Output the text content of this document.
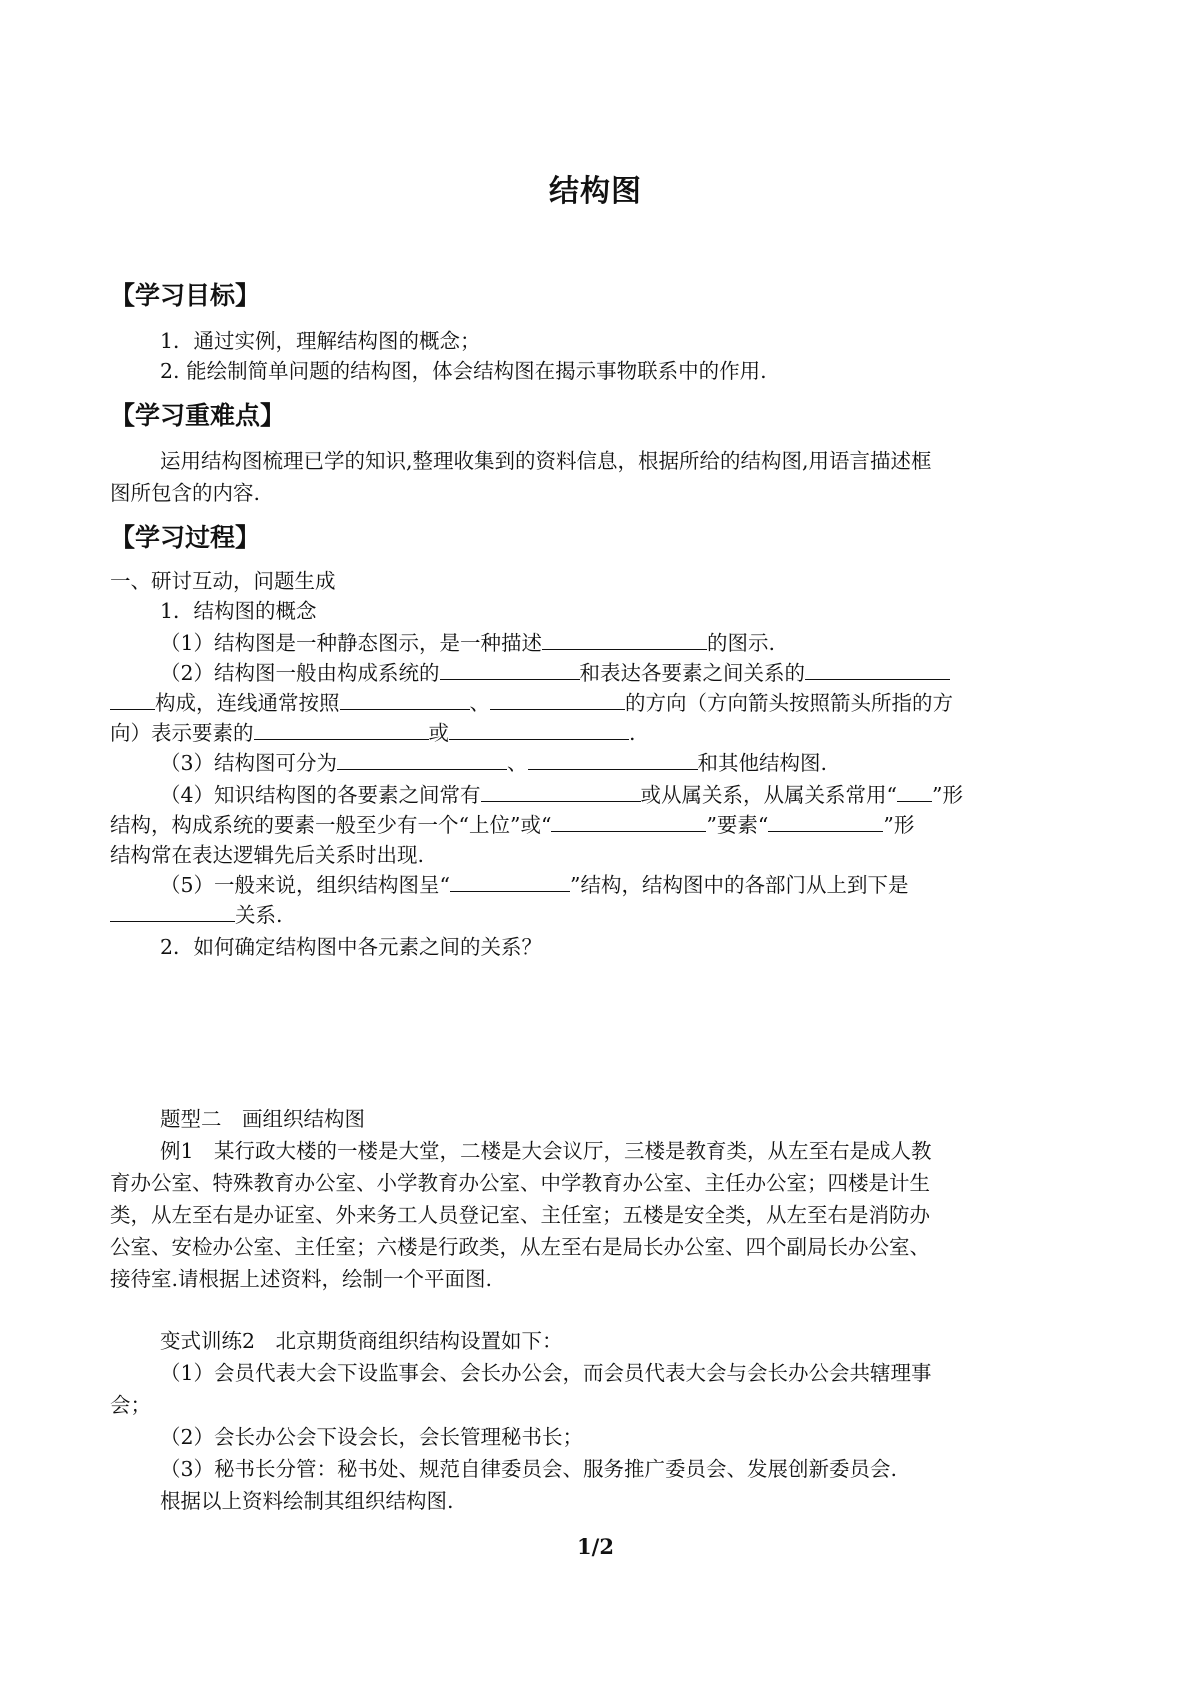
结构图
【学习目标】
1．通过实例，理解结构图的概念；
2. 能绘制简单问题的结构图，体会结构图在揭示事物联系中的作用.
【学习重难点】
运用结构图梳理已学的知识,整理收集到的资料信息，根据所给的结构图,用语言描述框
图所包含的内容.
【学习过程】
一、研讨互动，问题生成
1．结构图的概念
（1）结构图是一种静态图示，是一种描述	的图示.
（2）结构图一般由构成系统的	和表达各要素之间关系的
构成，连线通常按照	、	的方向（方向箭头按照箭头所指的方
向）表示要素的	或	.
（3）结构图可分为	、	和其他结构图.
（4）知识结构图的各要素之间常有	或从属关系，从属关系常用“ ”形
结构，构成系统的要素一般至少有一个“上位”或“	”要素“	”形
结构常在表达逻辑先后关系时出现.
（5）一般来说，组织结构图呈“	”结构，结构图中的各部门从上到下是
关系.
2．如何确定结构图中各元素之间的关系？
题型二　画组织结构图
例1　某行政大楼的一楼是大堂，二楼是大会议厅，三楼是教育类，从左至右是成人教
育办公室、特殊教育办公室、小学教育办公室、中学教育办公室、主任办公室；四楼是计生
类，从左至右是办证室、外来务工人员登记室、主任室；五楼是安全类，从左至右是消防办
公室、安检办公室、主任室；六楼是行政类，从左至右是局长办公室、四个副局长办公室、
接待室.请根据上述资料，绘制一个平面图.
变式训练2　北京期货商组织结构设置如下：
（1）会员代表大会下设监事会、会长办公会，而会员代表大会与会长办公会共辖理事
会；
（2）会长办公会下设会长，会长管理秘书长；
（3）秘书长分管：秘书处、规范自律委员会、服务推广委员会、发展创新委员会.
根据以上资料绘制其组织结构图.
1/2
